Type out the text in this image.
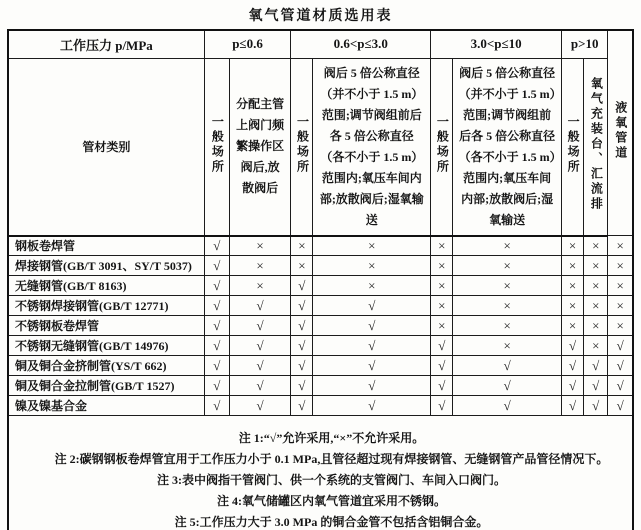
氧气管道材质选用表
工作压力 p/MPa	p≤0.6		0.6<p≤3.0		3.0<p≤10		p>10		液氧管道
管材类别	一般场所	分配主管上阀门频繁操作区阀后,放散阀后	一般场所	阀后 5 倍公称直径（并不小于 1.5 m）范围;调节阀组前后各 5 倍公称直径（各不小于 1.5 m）范围内;氧压车间内部;放散阀后;湿氧输送	一般场所	阀后 5 倍公称直径（并不小于 1.5 m）范围;调节阀组前后各 5 倍公称直径（各不小于 1.5 m）范围内;氧压车间内部;放散阀后;湿氧输送	一般场所	氧气充装台、汇流排	
钢板卷焊管	√	×	×	×	×	×	×	×	×
焊接钢管(GB/T 3091、SY/T 5037)	√	×	×	×	×	×	×	×	×
无缝钢管(GB/T 8163)	√	×	√	×	×	×	×	×	×
不锈钢焊接钢管(GB/T 12771)	√	√	√	√	×	×	×	×	×
不锈钢板卷焊管	√	√	√	√	×	×	×	×	×
不锈钢无缝钢管(GB/T 14976)	√	√	√	√	√	×	√	×	√
铜及铜合金挤制管(YS/T 662)	√	√	√	√	√	√	√	√	√
铜及铜合金拉制管(GB/T 1527)	√	√	√	√	√	√	√	√	√
镍及镍基合金	√	√	√	√	√	√	√	√	√

注 1:“√”允许采用,“×”不允许采用。
注 2:碳钢钢板卷焊管宜用于工作压力小于 0.1 MPa,且管径超过现有焊接钢管、无缝钢管产品管径情况下。
注 3:表中阀指干管阀门、供一个系统的支管阀门、车间入口阀门。
注 4:氧气储罐区内氧气管道宜采用不锈钢。
注 5:工作压力大于 3.0 MPa 的铜合金管不包括含铝铜合金。									
